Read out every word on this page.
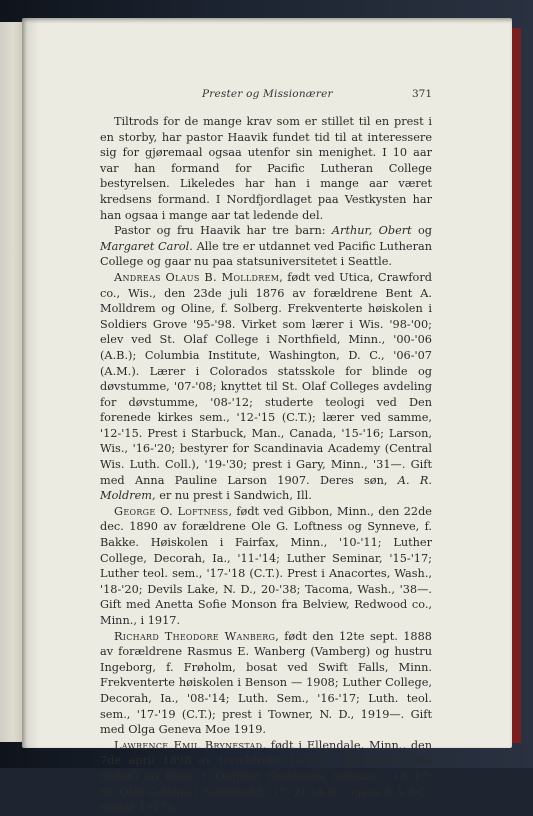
Prester og Missionærer	371

Tiltrods for de mange krav som er stillet til en prest i en storby, har pastor Haavik fundet tid til at interessere sig for gjøremaal ogsaa utenfor sin menighet. I 10 aar var han formand for Pacific Lutheran College bestyrelsen. Likeledes har han i mange aar været kredsens formand. I Nordfjordlaget paa Vestkysten har han ogsaa i mange aar tat ledende del.

Pastor og fru Haavik har tre barn: Arthur, Obert og Margaret Carol. Alle tre er utdannet ved Pacific Lutheran College og gaar nu paa statsuniversitetet i Seattle.

Andreas Olaus B. Molldrem, født ved Utica, Crawford co., Wis., den 23de juli 1876 av forældrene Bent A. Molldrem og Oline, f. Solberg. Frekventerte høiskolen i Soldiers Grove '95-'98. Virket som lærer i Wis. '98-'00; elev ved St. Olaf College i Northfield, Minn., '00-'06 (A.B.); Columbia Institute, Washington, D. C., '06-'07 (A.M.). Lærer i Colorados statsskole for blinde og døvstumme, '07-'08; knyttet til St. Olaf Colleges avdeling for døvstumme, '08-'12; studerte teologi ved Den forenede kirkes sem., '12-'15 (C.T.); lærer ved samme, '12-'15. Prest i Starbuck, Man., Canada, '15-'16; Larson, Wis., '16-'20; bestyrer for Scandinavia Academy (Central Wis. Luth. Coll.), '19-'30; prest i Gary, Minn., '31—. Gift med Anna Pauline Larson 1907. Deres søn, A. R. Moldrem, er nu prest i Sandwich, Ill.

George O. Loftness, født ved Gibbon, Minn., den 22de dec. 1890 av forældrene Ole G. Loftness og Synneve, f. Bakke. Høiskolen i Fairfax, Minn., '10-'11; Luther College, Decorah, Ia., '11-'14; Luther Seminar, '15-'17; Luther teol. sem., '17-'18 (C.T.). Prest i Anacortes, Wash., '18-'20; Devils Lake, N. D., 20-'38; Tacoma, Wash., '38—. Gift med Anetta Sofie Monson fra Belview, Redwood co., Minn., i 1917.

Richard Theodore Wanberg, født den 12te sept. 1888 av forældrene Rasmus E. Wanberg (Vamberg) og hustru Ingeborg, f. Frøholm, bosat ved Swift Falls, Minn. Frekventerte høiskolen i Benson — 1908; Luther College, Decorah, Ia., '08-'14; Luth. Sem., '16-'17; Luth. teol. sem., '17-'19 (C.T.); prest i Towner, N. D., 1919—. Gift med Olga Geneva Moe 1919.

Lawrence Emil Brynestad, født i Ellendale, Minn., den 7de april 1898 av forældrene Lewis J. Brynestad (fra Olden) og Elise, f. Quipter. Owatonna høiskole, '13-'17; St. Olaf College i Northfield, '17-'21 (A.B.; ogsaa S.A.T.C., soldat 1917);
